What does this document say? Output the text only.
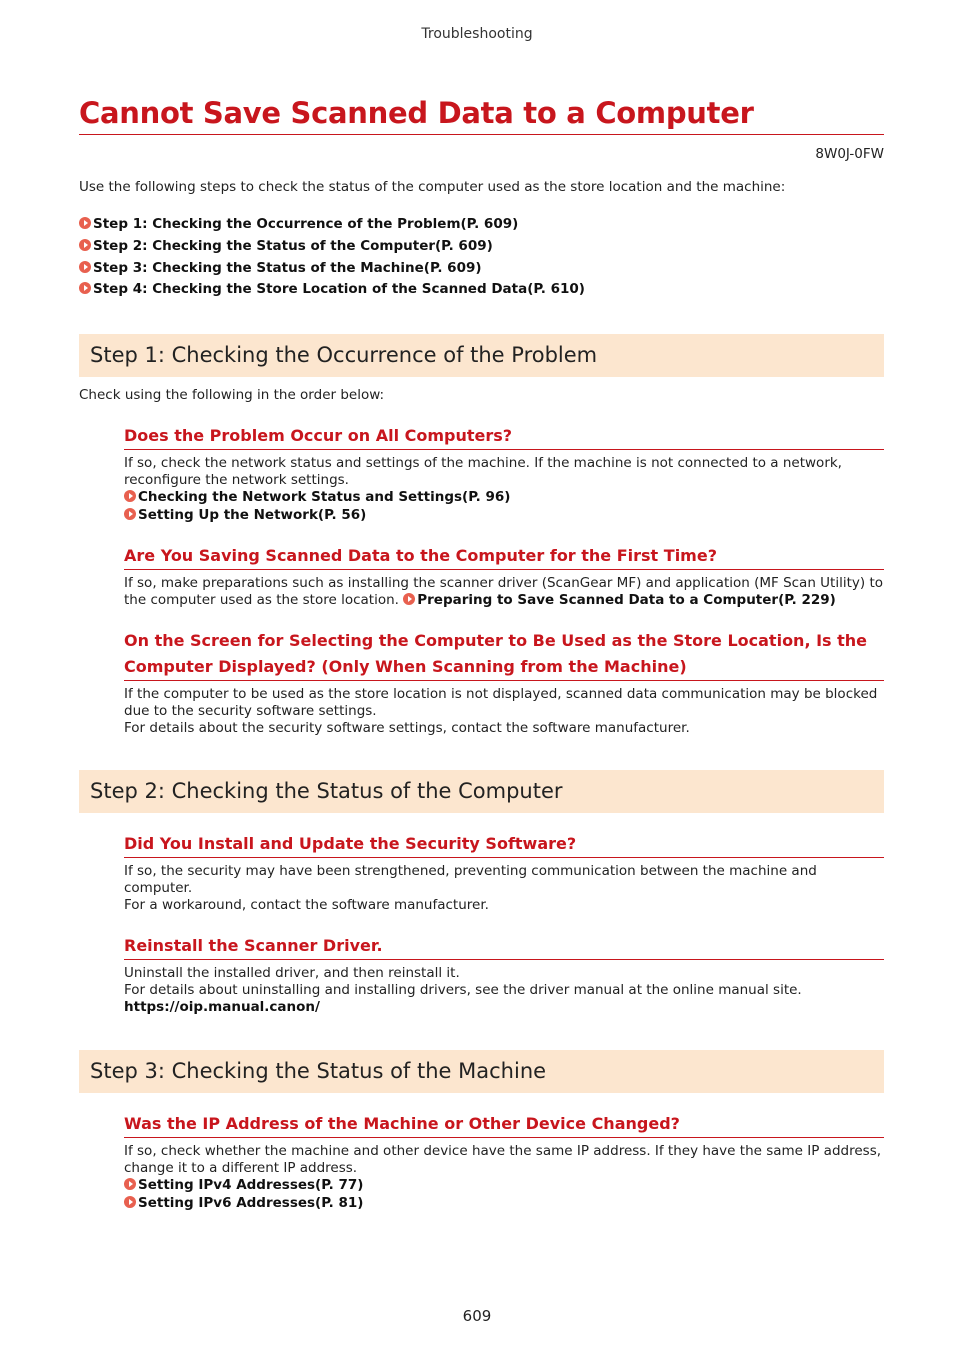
Troubleshooting
Cannot Save Scanned Data to a Computer
8W0J-0FW
Use the following steps to check the status of the computer used as the store location and the machine:
Step 1: Checking the Occurrence of the Problem(P. 609)
Step 2: Checking the Status of the Computer(P. 609)
Step 3: Checking the Status of the Machine(P. 609)
Step 4: Checking the Store Location of the Scanned Data(P. 610)
Step 1: Checking the Occurrence of the Problem
Check using the following in the order below:
Does the Problem Occur on All Computers?
If so, check the network status and settings of the machine. If the machine is not connected to a network, reconfigure the network settings.
Checking the Network Status and Settings(P. 96)
Setting Up the Network(P. 56)
Are You Saving Scanned Data to the Computer for the First Time?
If so, make preparations such as installing the scanner driver (ScanGear MF) and application (MF Scan Utility) to the computer used as the store location. Preparing to Save Scanned Data to a Computer(P. 229)
On the Screen for Selecting the Computer to Be Used as the Store Location, Is the
Computer Displayed? (Only When Scanning from the Machine)
If the computer to be used as the store location is not displayed, scanned data communication may be blocked due to the security software settings.
For details about the security software settings, contact the software manufacturer.
Step 2: Checking the Status of the Computer
Did You Install and Update the Security Software?
If so, the security may have been strengthened, preventing communication between the machine and computer.
For a workaround, contact the software manufacturer.
Reinstall the Scanner Driver.
Uninstall the installed driver, and then reinstall it.
For details about uninstalling and installing drivers, see the driver manual at the online manual site.
https://oip.manual.canon/
Step 3: Checking the Status of the Machine
Was the IP Address of the Machine or Other Device Changed?
If so, check whether the machine and other device have the same IP address. If they have the same IP address, change it to a different IP address.
Setting IPv4 Addresses(P. 77)
Setting IPv6 Addresses(P. 81)
609
